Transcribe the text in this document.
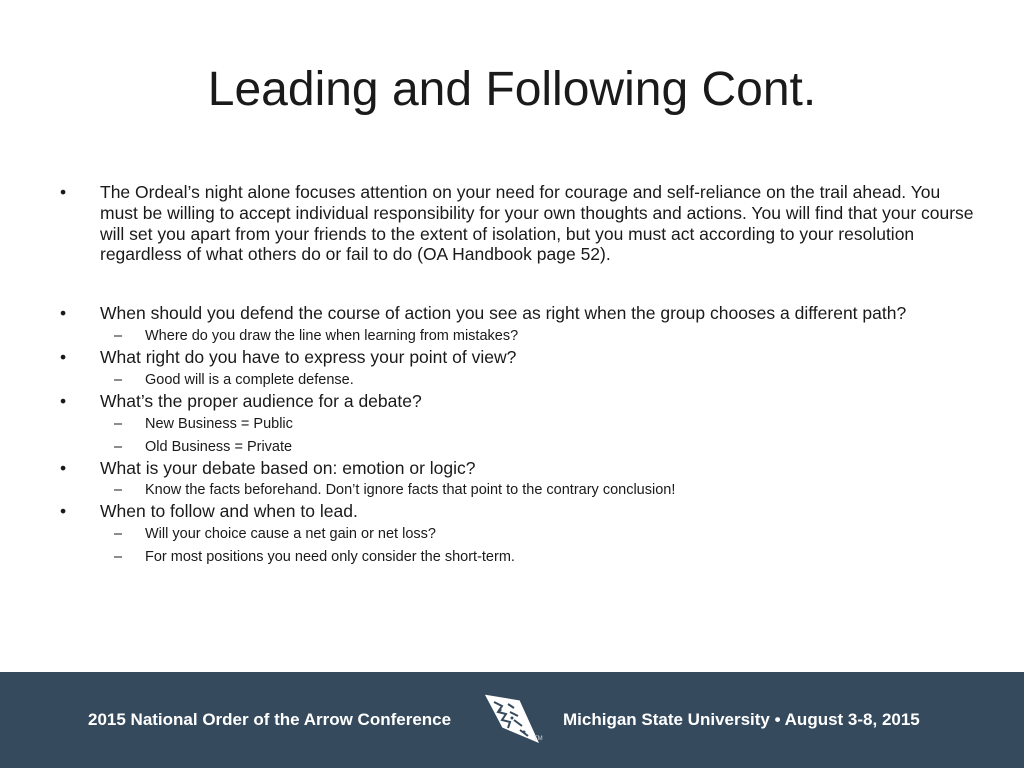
Leading and Following Cont.
• The Ordeal’s night alone focuses attention on your need for courage and self-reliance on the trail ahead. You must be willing to accept individual responsibility for your own thoughts and actions. You will find that your course will set you apart from your friends to the extent of isolation, but you must act according to your resolution regardless of what others do or fail to do (OA Handbook page 52).
• When should you defend the course of action you see as right when the group chooses a different path?
– Where do you draw the line when learning from mistakes?
• What right do you have to express your point of view?
– Good will is a complete defense.
• What’s the proper audience for a debate?
– New Business = Public
– Old Business = Private
• What is your debate based on: emotion or logic?
– Know the facts beforehand. Don’t ignore facts that point to the contrary conclusion!
• When to follow and when to lead.
– Will your choice cause a net gain or net loss?
– For most positions you need only consider the short-term.
2015 National Order of the Arrow Conference
TM
Michigan State University • August 3-8, 2015
